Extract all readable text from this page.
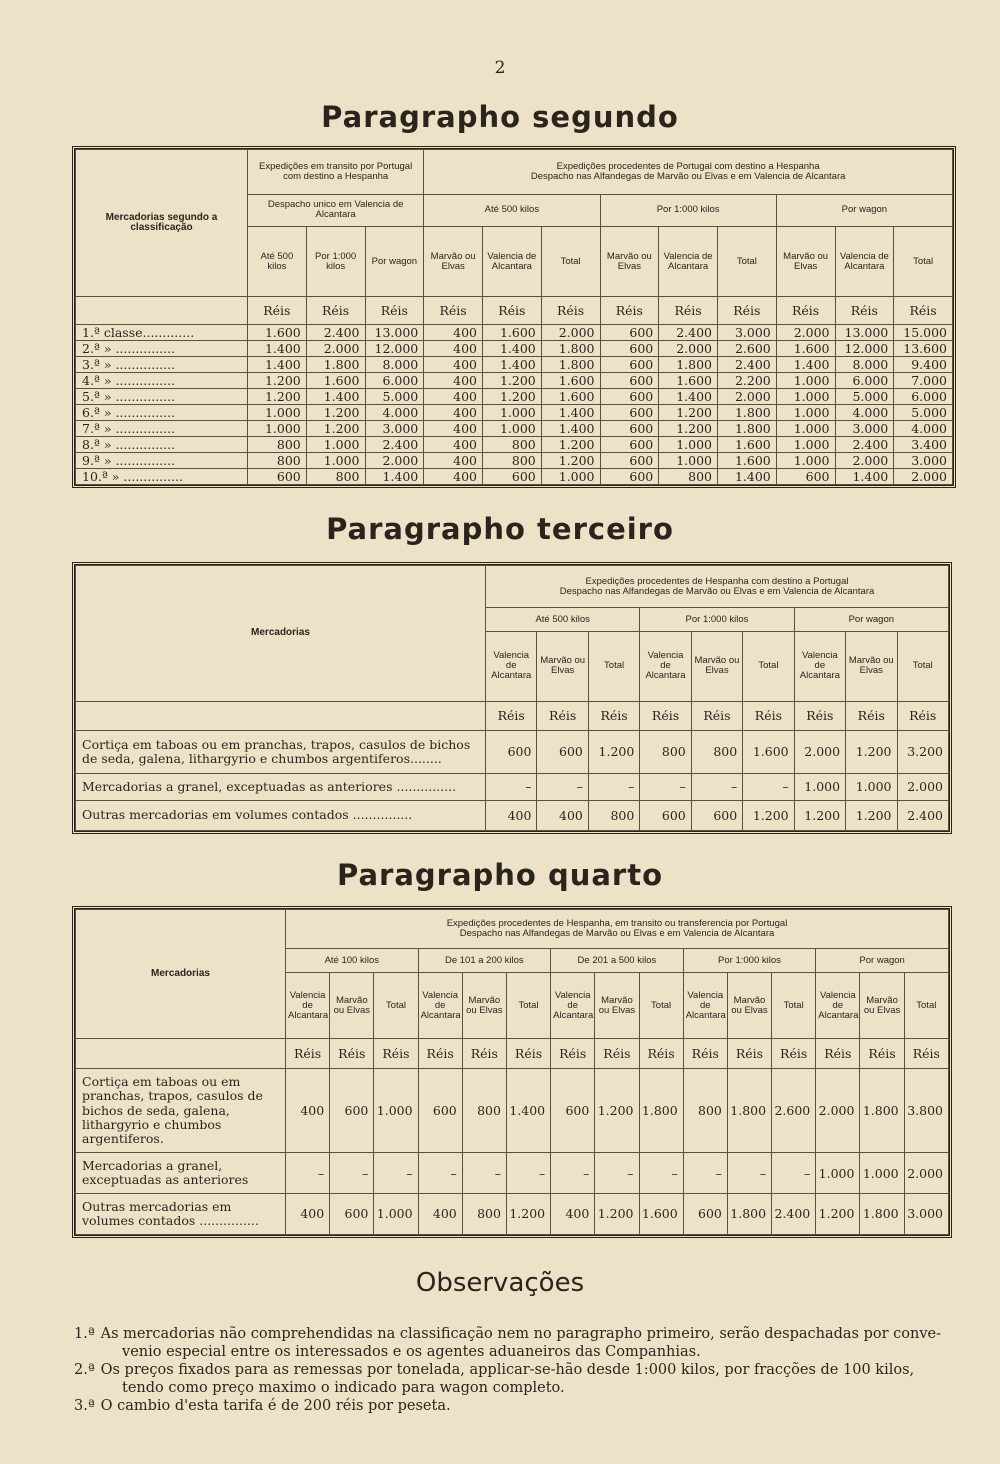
2
Paragrapho segundo
Mercadorias segundo a classificação	Expedições em transito por Portugal com destino a Hespanha			Expedições procedentes de Portugal com destino a Hespanha
Despacho nas Alfandegas de Marvão ou Elvas e em Valencia de Alcantara								
	Despacho unico em Valencia de Alcantara			Até 500 kilos			Por 1:000 kilos			Por wagon		
	Até 500 kilos	Por 1:000 kilos	Por wagon	Marvão ou Elvas	Valencia de Alcantara	Total	Marvão ou Elvas	Valencia de Alcantara	Total	Marvão ou Elvas	Valencia de Alcantara	Total
	Réis	Réis	Réis	Réis	Réis	Réis	Réis	Réis	Réis	Réis	Réis	Réis
1.ª classe.............	1.600	2.400	13.000	400	1.600	2.000	600	2.400	3.000	2.000	13.000	15.000
2.ª » ...............	1.400	2.000	12.000	400	1.400	1.800	600	2.000	2.600	1.600	12.000	13.600
3.ª » ...............	1.400	1.800	8.000	400	1.400	1.800	600	1.800	2.400	1.400	8.000	9.400
4.ª » ...............	1.200	1.600	6.000	400	1.200	1.600	600	1.600	2.200	1.000	6.000	7.000
5.ª » ...............	1.200	1.400	5.000	400	1.200	1.600	600	1.400	2.000	1.000	5.000	6.000
6.ª » ...............	1.000	1.200	4.000	400	1.000	1.400	600	1.200	1.800	1.000	4.000	5.000
7.ª » ...............	1.000	1.200	3.000	400	1.000	1.400	600	1.200	1.800	1.000	3.000	4.000
8.ª » ...............	800	1.000	2.400	400	800	1.200	600	1.000	1.600	1.000	2.400	3.400
9.ª » ...............	800	1.000	2.000	400	800	1.200	600	1.000	1.600	1.000	2.000	3.000
10.ª » ...............	600	800	1.400	400	600	1.000	600	800	1.400	600	1.400	2.000
Paragrapho terceiro
Mercadorias	Expedições procedentes de Hespanha com destino a Portugal
Despacho nas Alfandegas de Marvão ou Elvas e em Valencia de Alcantara								
	Até 500 kilos			Por 1:000 kilos			Por wagon		
	Valencia de Alcantara	Marvão ou Elvas	Total	Valencia de Alcantara	Marvão ou Elvas	Total	Valencia de Alcantara	Marvão ou Elvas	Total
	Réis	Réis	Réis	Réis	Réis	Réis	Réis	Réis	Réis
Cortiça em taboas ou em pranchas, trapos, casulos de bichos de seda, galena, lithargyrio e chumbos argentiferos........	600	600	1.200	800	800	1.600	2.000	1.200	3.200
Mercadorias a granel, exceptuadas as anteriores ...............	–	–	–	–	–	–	1.000	1.000	2.000
Outras mercadorias em volumes contados ...............	400	400	800	600	600	1.200	1.200	1.200	2.400
Paragrapho quarto
Mercadorias	Expedições procedentes de Hespanha, em transito ou transferencia por Portugal
Despacho nas Alfandegas de Marvão ou Elvas e em Valencia de Alcantara														
	Até 100 kilos			De 101 a 200 kilos			De 201 a 500 kilos			Por 1:000 kilos			Por wagon		
	Valencia de Alcantara	Marvão ou Elvas	Total	Valencia de Alcantara	Marvão ou Elvas	Total	Valencia de Alcantara	Marvão ou Elvas	Total	Valencia de Alcantara	Marvão ou Elvas	Total	Valencia de Alcantara	Marvão ou Elvas	Total
	Réis	Réis	Réis	Réis	Réis	Réis	Réis	Réis	Réis	Réis	Réis	Réis	Réis	Réis	Réis
Cortiça em taboas ou em pranchas, trapos, casulos de bichos de seda, galena, lithargyrio e chumbos argentiferos.	400	600	1.000	600	800	1.400	600	1.200	1.800	800	1.800	2.600	2.000	1.800	3.800
Mercadorias a granel, exceptuadas as anteriores	–	–	–	–	–	–	–	–	–	–	–	–	1.000	1.000	2.000
Outras mercadorias em volumes contados ...............	400	600	1.000	400	800	1.200	400	1.200	1.600	600	1.800	2.400	1.200	1.800	3.000
Observações
1.ª As mercadorias não comprehendidas na classificação nem no paragrapho primeiro, serão despachadas por conve-
venio especial entre os interessados e os agentes aduaneiros das Companhias.
2.ª Os preços fixados para as remessas por tonelada, applicar-se-hão desde 1:000 kilos, por fracções de 100 kilos,
tendo como preço maximo o indicado para wagon completo.
3.ª O cambio d'esta tarifa é de 200 réis por peseta.
